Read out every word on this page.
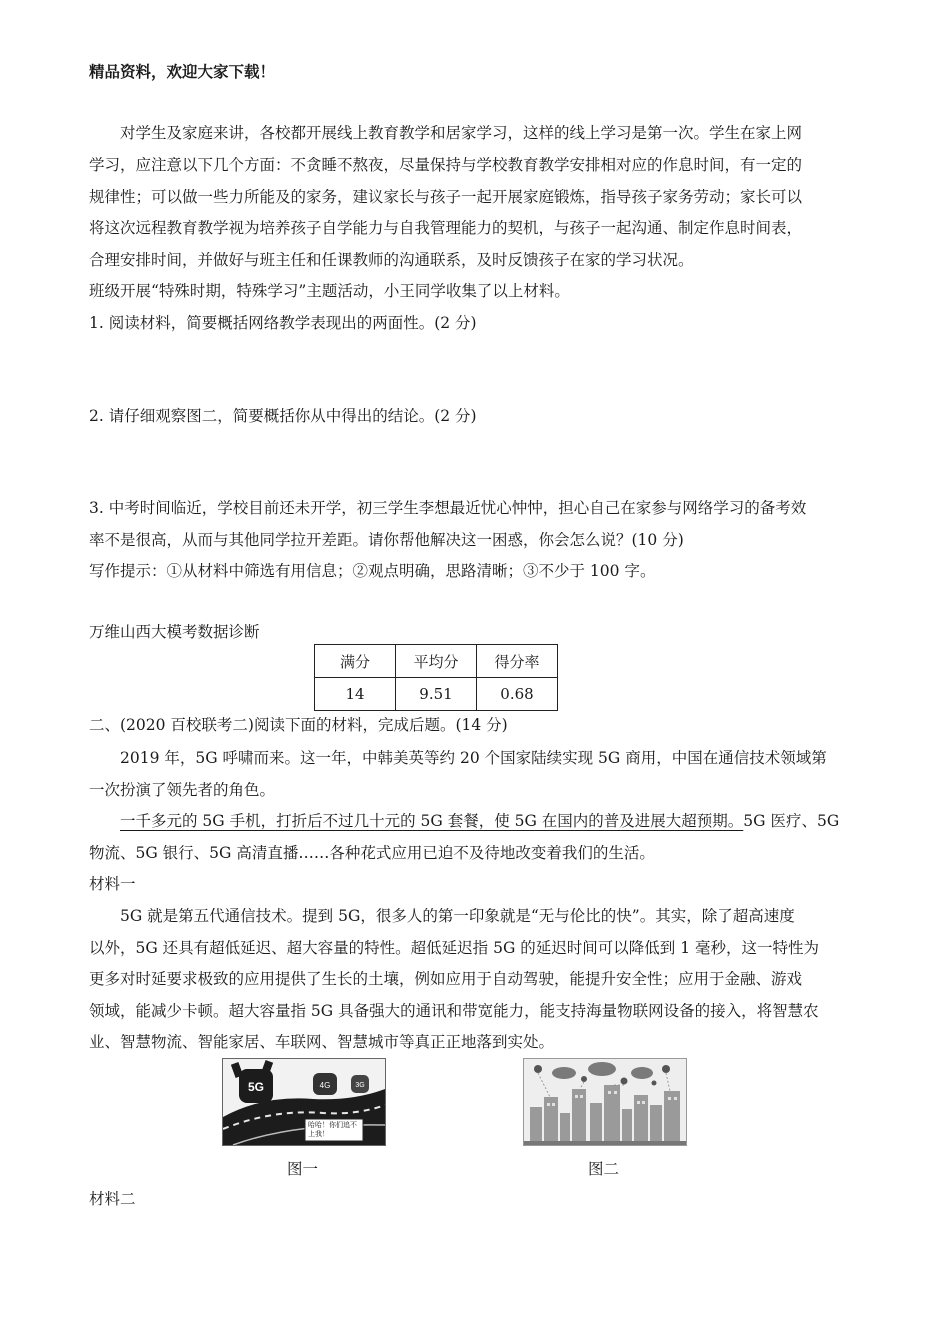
精品资料，欢迎大家下载！
对学生及家庭来讲，各校都开展线上教育教学和居家学习，这样的线上学习是第一次。学生在家上网
学习，应注意以下几个方面：不贪睡不熬夜，尽量保持与学校教育教学安排相对应的作息时间，有一定的
规律性；可以做一些力所能及的家务，建议家长与孩子一起开展家庭锻炼，指导孩子家务劳动；家长可以
将这次远程教育教学视为培养孩子自学能力与自我管理能力的契机，与孩子一起沟通、制定作息时间表，
合理安排时间，并做好与班主任和任课教师的沟通联系，及时反馈孩子在家的学习状况。
班级开展“特殊时期，特殊学习”主题活动，小王同学收集了以上材料。
1. 阅读材料，简要概括网络教学表现出的两面性。(2 分)
2. 请仔细观察图二，简要概括你从中得出的结论。(2 分)
3. 中考时间临近，学校目前还未开学，初三学生李想最近忧心忡忡，担心自己在家参与网络学习的备考效
率不是很高，从而与其他同学拉开差距。请你帮他解决这一困惑，你会怎么说？(10 分)
写作提示：①从材料中筛选有用信息；②观点明确，思路清晰；③不少于 100 字。
万维山西大模考数据诊断
满分	平均分	得分率
14	9.51	0.68
二、(2020 百校联考二)阅读下面的材料，完成后题。(14 分)
2019 年，5G 呼啸而来。这一年，中韩美英等约 20 个国家陆续实现 5G 商用，中国在通信技术领域第
一次扮演了领先者的角色。
一千多元的 5G 手机，打折后不过几十元的 5G 套餐，使 5G 在国内的普及进展大超预期。5G 医疗、5G
物流、5G 银行、5G 高清直播……各种花式应用已迫不及待地改变着我们的生活。
材料一
5G 就是第五代通信技术。提到 5G，很多人的第一印象就是“无与伦比的快”。其实，除了超高速度
以外，5G 还具有超低延迟、超大容量的特性。超低延迟指 5G 的延迟时间可以降低到 1 毫秒，这一特性为
更多对时延要求极致的应用提供了生长的土壤，例如应用于自动驾驶，能提升安全性；应用于金融、游戏
领域，能减少卡顿。超大容量指 5G 具备强大的通讯和带宽能力，能支持海量物联网设备的接入，将智慧农
业、智慧物流、智能家居、车联网、智慧城市等真正正地落到实处。
5G	4G	3G
哈哈！你们追不上我！
图一	图二
材料二
